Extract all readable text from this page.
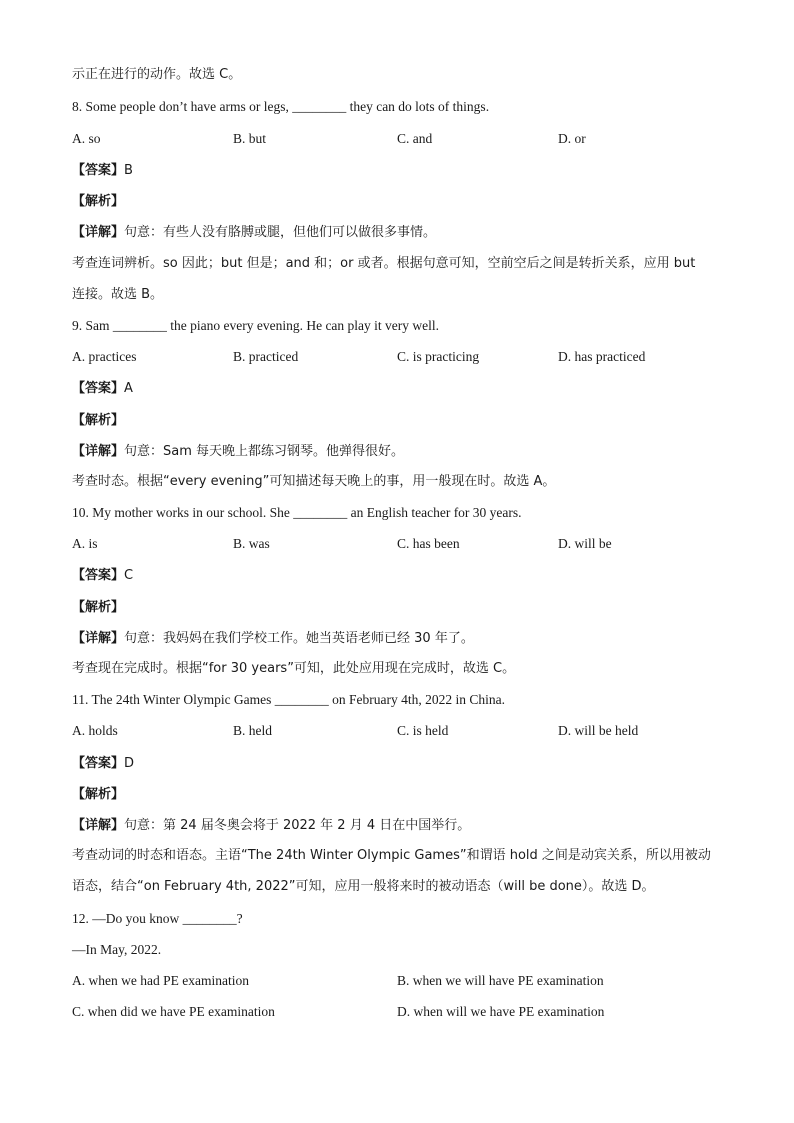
示正在进行的动作。故选 C。
8. Some people don’t have arms or legs, ________ they can do lots of things.
A. so	B. but	C. and	D. or
【答案】B
【解析】
【详解】句意：有些人没有胳膊或腿，但他们可以做很多事情。
考查连词辨析。so 因此；but 但是；and 和；or 或者。根据句意可知，空前空后之间是转折关系，应用 but
连接。故选 B。
9. Sam ________ the piano every evening. He can play it very well.
A. practices	B. practiced	C. is practicing	D. has practiced
【答案】A
【解析】
【详解】句意：Sam 每天晚上都练习钢琴。他弹得很好。
考查时态。根据“every evening”可知描述每天晚上的事，用一般现在时。故选 A。
10. My mother works in our school. She ________ an English teacher for 30 years.
A. is	B. was	C. has been	D. will be
【答案】C
【解析】
【详解】句意：我妈妈在我们学校工作。她当英语老师已经 30 年了。
考查现在完成时。根据“for 30 years”可知，此处应用现在完成时，故选 C。
11. The 24th Winter Olympic Games ________ on February 4th, 2022 in China.
A. holds	B. held	C. is held	D. will be held
【答案】D
【解析】
【详解】句意：第 24 届冬奥会将于 2022 年 2 月 4 日在中国举行。
考查动词的时态和语态。主语“The 24th Winter Olympic Games”和谓语 hold 之间是动宾关系，所以用被动
语态，结合“on February 4th, 2022”可知，应用一般将来时的被动语态（will be done）。故选 D。
12. —Do you know ________?
—In May, 2022.
A. when we had PE examination	B. when we will have PE examination
C. when did we have PE examination	D. when will we have PE examination
